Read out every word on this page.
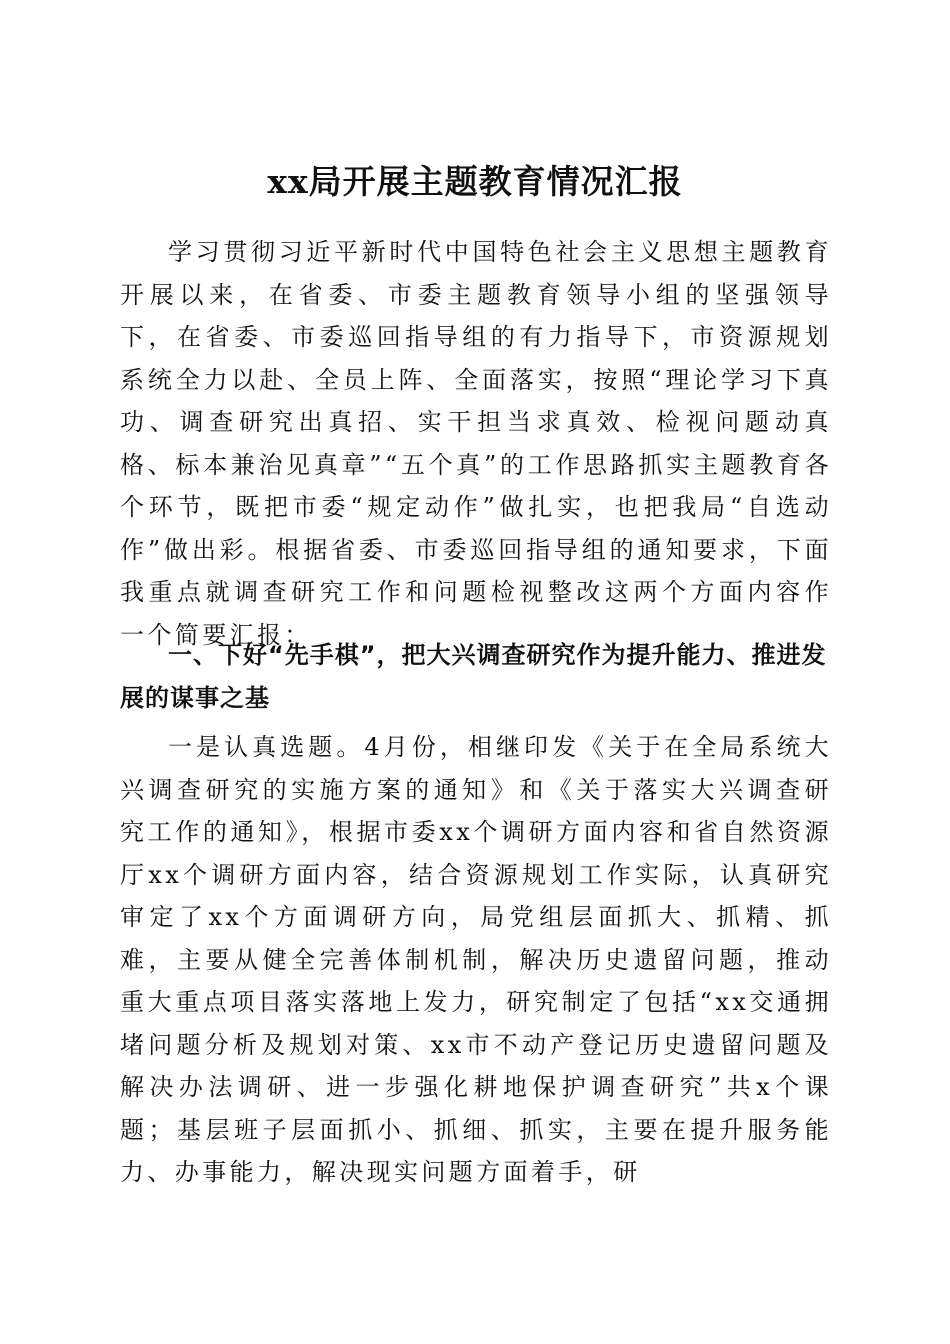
xx局开展主题教育情况汇报

学习贯彻习近平新时代中国特色社会主义思想主题教育开展以来，在省委、市委主题教育领导小组的坚强领导下，在省委、市委巡回指导组的有力指导下，市资源规划系统全力以赴、全员上阵、全面落实，按照“理论学习下真功、调查研究出真招、实干担当求真效、检视问题动真格、标本兼治见真章”“五个真”的工作思路抓实主题教育各个环节，既把市委“规定动作”做扎实，也把我局“自选动作”做出彩。根据省委、市委巡回指导组的通知要求，下面我重点就调查研究工作和问题检视整改这两个方面内容作一个简要汇报：

一、下好“先手棋”，把大兴调查研究作为提升能力、推进发展的谋事之基

一是认真选题。4月份，相继印发《关于在全局系统大兴调查研究的实施方案的通知》和《关于落实大兴调查研究工作的通知》，根据市委xx个调研方面内容和省自然资源厅xx个调研方面内容，结合资源规划工作实际，认真研究审定了xx个方面调研方向，局党组层面抓大、抓精、抓难，主要从健全完善体制机制，解决历史遗留问题，推动重大重点项目落实落地上发力，研究制定了包括“xx交通拥堵问题分析及规划对策、xx市不动产登记历史遗留问题及解决办法调研、进一步强化耕地保护调查研究”共x个课题；基层班子层面抓小、抓细、抓实，主要在提升服务能力、办事能力，解决现实问题方面着手，研
